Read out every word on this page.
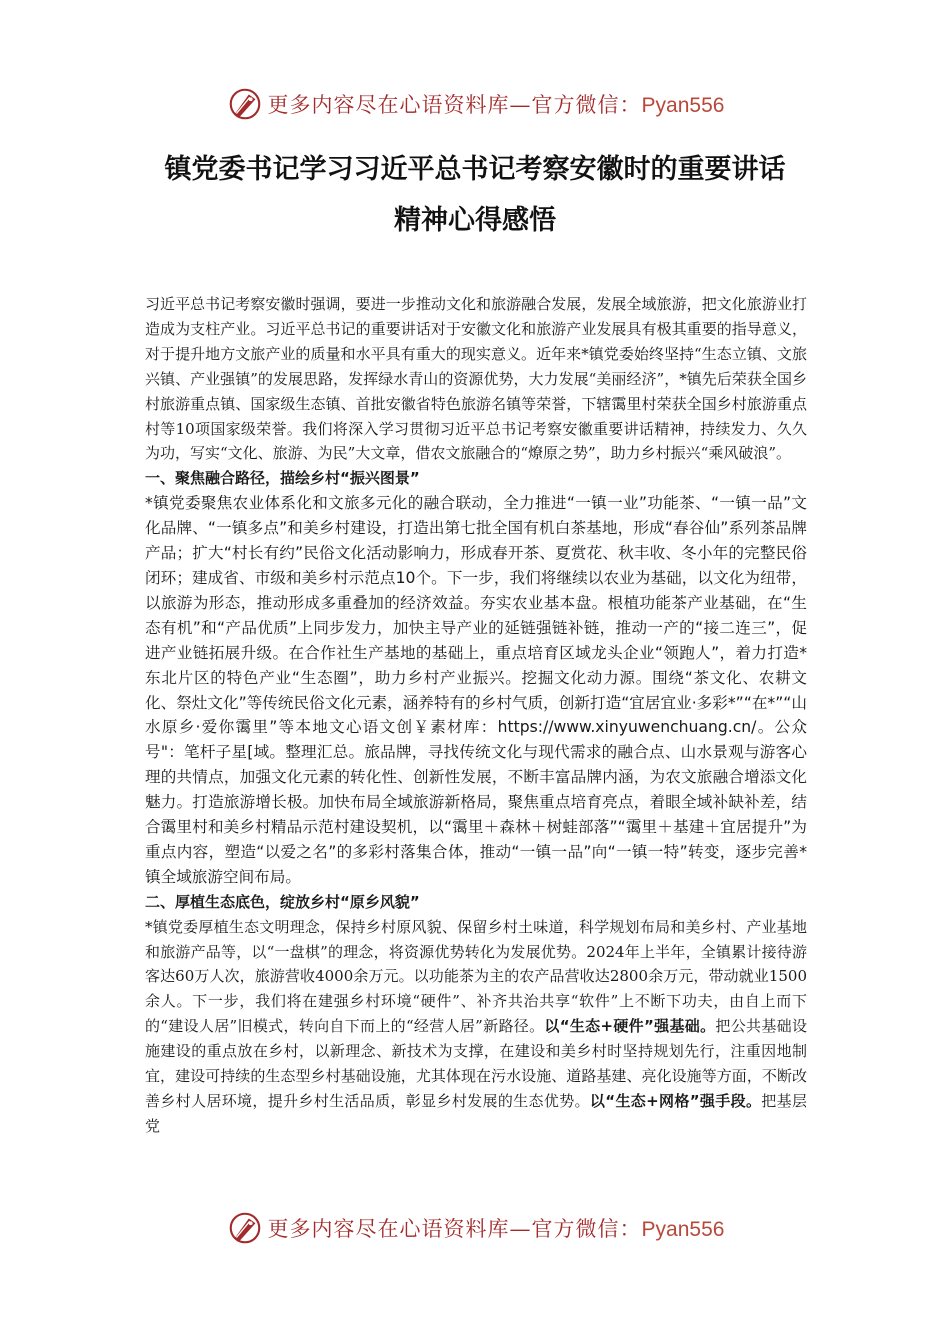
更多内容尽在心语资料库—官方微信：Pyan556
镇党委书记学习习近平总书记考察安徽时的重要讲话
精神心得感悟

习近平总书记考察安徽时强调，要进一步推动文化和旅游融合发展，发展全域旅游，把文化旅游业打造成为支柱产业。习近平总书记的重要讲话对于安徽文化和旅游产业发展具有极其重要的指导意义，对于提升地方文旅产业的质量和水平具有重大的现实意义。近年来*镇党委始终坚持“生态立镇、文旅兴镇、产业强镇”的发展思路，发挥绿水青山的资源优势，大力发展“美丽经济”，*镇先后荣获全国乡村旅游重点镇、国家级生态镇、首批安徽省特色旅游名镇等荣誉，下辖霭里村荣获全国乡村旅游重点村等10项国家级荣誉。我们将深入学习贯彻习近平总书记考察安徽重要讲话精神，持续发力、久久为功，写实“文化、旅游、为民”大文章，借农文旅融合的“燎原之势”，助力乡村振兴“乘风破浪”。

一、聚焦融合路径，描绘乡村“振兴图景”

*镇党委聚焦农业体系化和文旅多元化的融合联动，全力推进“一镇一业”功能茶、“一镇一品”文化品牌、“一镇多点”和美乡村建设，打造出第七批全国有机白茶基地，形成“春谷仙”系列茶品牌产品；扩大“村长有约”民俗文化活动影响力，形成春开茶、夏赏花、秋丰收、冬小年的完整民俗闭环；建成省、市级和美乡村示范点10个。下一步，我们将继续以农业为基础，以文化为纽带，以旅游为形态，推动形成多重叠加的经济效益。夯实农业基本盘。根植功能茶产业基础，在“生态有机”和“产品优质”上同步发力，加快主导产业的延链强链补链，推动一产的“接二连三”，促进产业链拓展升级。在合作社生产基地的基础上，重点培育区域龙头企业“领跑人”，着力打造*东北片区的特色产业“生态圈”，助力乡村产业振兴。挖掘文化动力源。围绕“茶文化、农耕文化、祭灶文化”等传统民俗文化元素，涵养特有的乡村气质，创新打造“宜居宜业·多彩*”“在*”“山水原乡·爱你霭里”等本地文心语文创￥素材库：https://www.xinyuwenchuang.cn/。公众号"：笔杆子星[域。整理汇总。旅品牌，寻找传统文化与现代需求的融合点、山水景观与游客心理的共情点，加强文化元素的转化性、创新性发展，不断丰富品牌内涵，为农文旅融合增添文化魅力。打造旅游增长极。加快布局全域旅游新格局，聚焦重点培育亮点，着眼全域补缺补差，结合霭里村和美乡村精品示范村建设契机，以“霭里＋森林＋树蛙部落”“霭里＋基建＋宜居提升”为重点内容，塑造“以爱之名”的多彩村落集合体，推动“一镇一品”向“一镇一特”转变，逐步完善*镇全域旅游空间布局。

二、厚植生态底色，绽放乡村“原乡风貌”

*镇党委厚植生态文明理念，保持乡村原风貌、保留乡村土味道，科学规划布局和美乡村、产业基地和旅游产品等，以“一盘棋”的理念，将资源优势转化为发展优势。2024年上半年，全镇累计接待游客达60万人次，旅游营收4000余万元。以功能茶为主的农产品营收达2800余万元，带动就业1500余人。下一步，我们将在建强乡村环境“硬件”、补齐共治共享“软件”上不断下功夫，由自上而下的“建设人居”旧模式，转向自下而上的“经营人居”新路径。以“生态+硬件”强基础。把公共基础设施建设的重点放在乡村，以新理念、新技术为支撑，在建设和美乡村时坚持规划先行，注重因地制宜，建设可持续的生态型乡村基础设施，尤其体现在污水设施、道路基建、亮化设施等方面，不断改善乡村人居环境，提升乡村生活品质，彰显乡村发展的生态优势。以“生态+网格”强手段。把基层党

更多内容尽在心语资料库—官方微信：Pyan556
